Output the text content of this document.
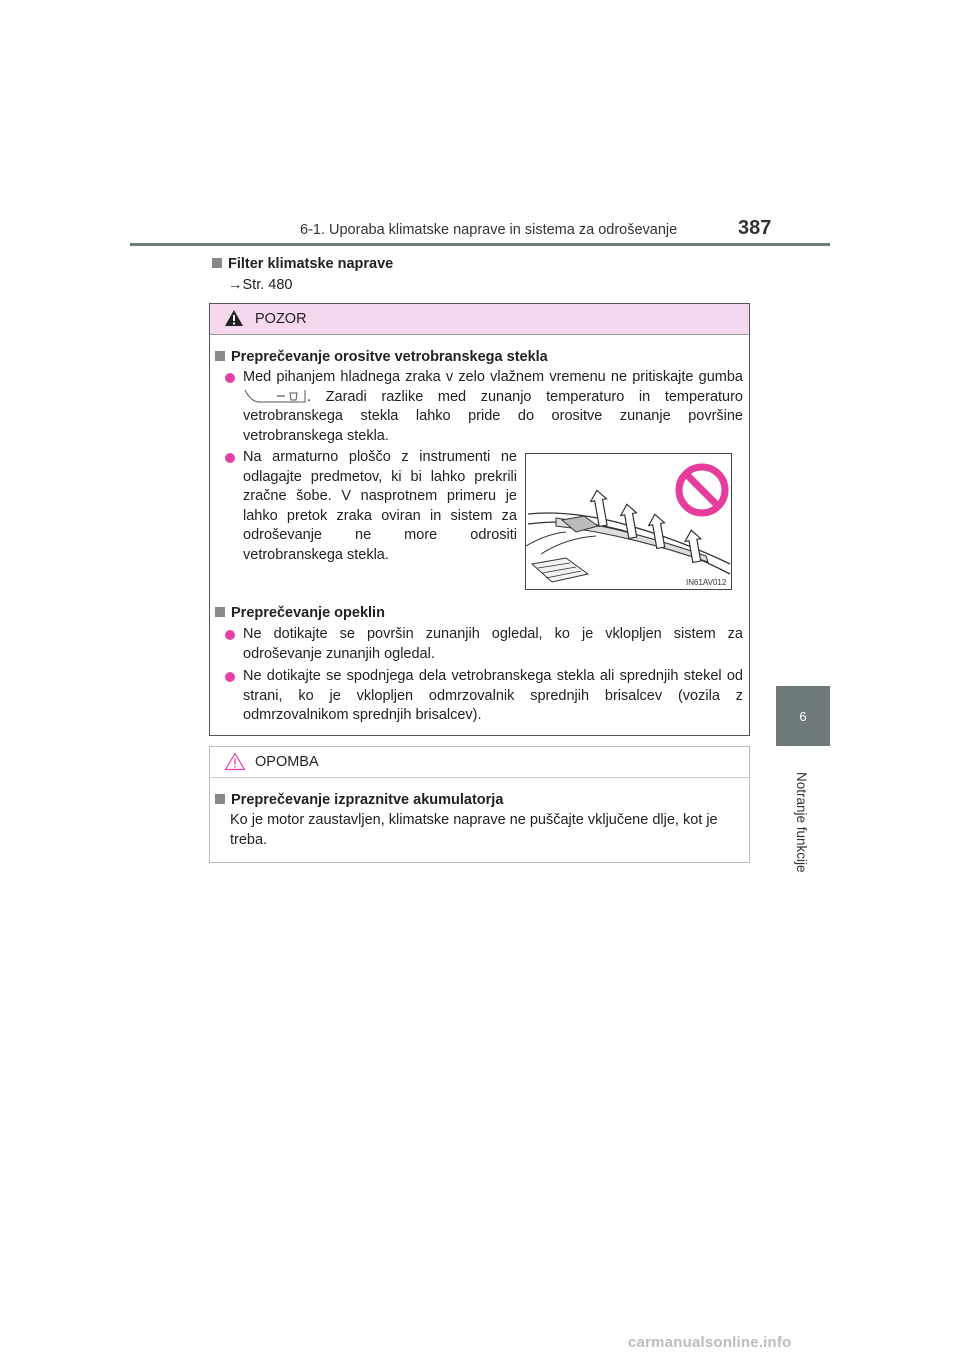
6-1. Uporaba klimatske naprave in sistema za odroševanje	387
6
Notranje funkcije
Filter klimatske naprave
→Str. 480
POZOR
Preprečevanje orositve vetrobranskega stekla
Med pihanjem hladnega zraka v zelo vlažnem vremenu ne pritiskajte gumba . Zaradi razlike med zunanjo temperaturo in temperaturo vetrobranskega stekla lahko pride do orositve zunanje površine vetrobranskega stekla.
Na armaturno ploščo z instrumenti ne odlagajte predmetov, ki bi lahko prekrili zračne šobe. V nasprotnem primeru je lahko pretok zraka oviran in sistem za odroševanje ne more odrositi vetrobranskega stekla.
Preprečevanje opeklin
Ne dotikajte se površin zunanjih ogledal, ko je vklopljen sistem za odroševanje zunanjih ogledal.
Ne dotikajte se spodnjega dela vetrobranskega stekla ali sprednjih stekel od strani, ko je vklopljen odmrzovalnik sprednjih brisalcev (vozila z odmrzovalnikom sprednjih brisalcev).
IN61AV012
OPOMBA
Preprečevanje izpraznitve akumulatorja
Ko je motor zaustavljen, klimatske naprave ne puščajte vključene dlje, kot je treba.
carmanualsonline.info
